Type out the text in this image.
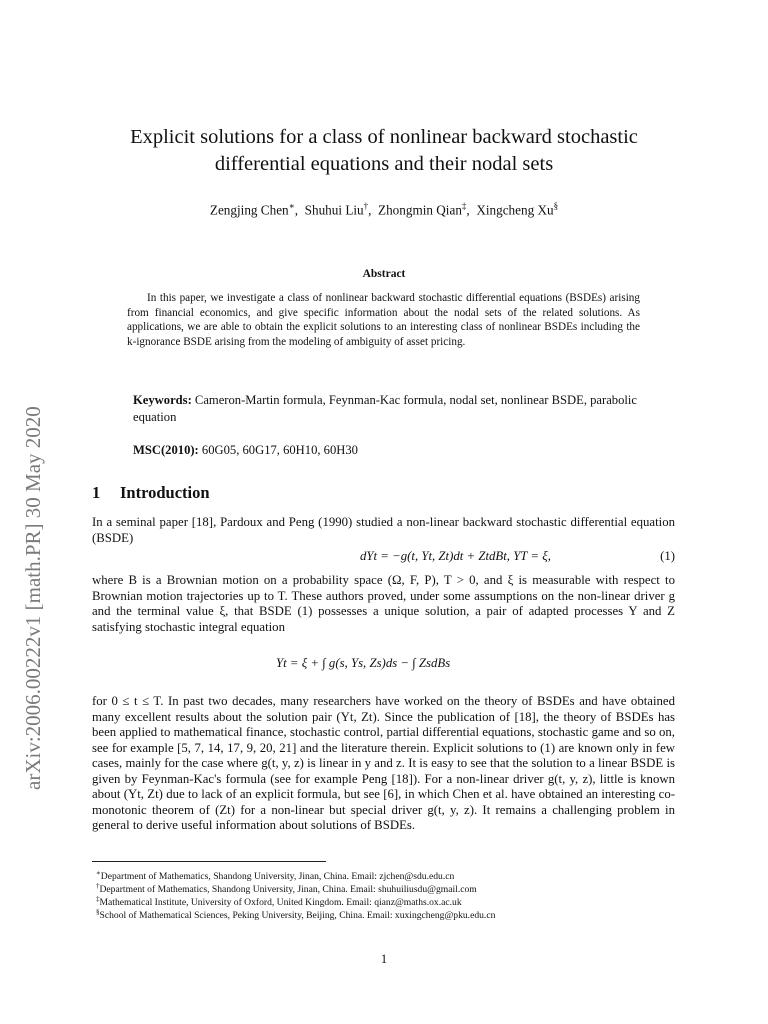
arXiv:2006.00222v1 [math.PR] 30 May 2020
Explicit solutions for a class of nonlinear backward stochastic
differential equations and their nodal sets
Zengjing Chen∗,  Shuhui Liu†,  Zhongmin Qian‡,  Xingcheng Xu§
Abstract
In this paper, we investigate a class of nonlinear backward stochastic differential equations (BSDEs) arising from financial economics, and give specific information about the nodal sets of the related solutions. As applications, we are able to obtain the explicit solutions to an interesting class of nonlinear BSDEs including the k-ignorance BSDE arising from the modeling of ambiguity of asset pricing.
Keywords: Cameron-Martin formula, Feynman-Kac formula, nodal set, nonlinear BSDE, parabolic equation
MSC(2010): 60G05, 60G17, 60H10, 60H30
1 Introduction
In a seminal paper [18], Pardoux and Peng (1990) studied a non-linear backward stochastic differential equation (BSDE)
dYt = −g(t, Yt, Zt)dt + ZtdBt, YT = ξ,	(1)
where B is a Brownian motion on a probability space (Ω, F, P), T > 0, and ξ is measurable with respect to Brownian motion trajectories up to T. These authors proved, under some assumptions on the non-linear driver g and the terminal value ξ, that BSDE (1) possesses a unique solution, a pair of adapted processes Y and Z satisfying stochastic integral equation
Yt = ξ + ∫ g(s, Ys, Zs)ds − ∫ ZsdBs
for 0 ≤ t ≤ T. In past two decades, many researchers have worked on the theory of BSDEs and have obtained many excellent results about the solution pair (Yt, Zt). Since the publication of [18], the theory of BSDEs has been applied to mathematical finance, stochastic control, partial differential equations, stochastic game and so on, see for example [5, 7, 14, 17, 9, 20, 21] and the literature therein. Explicit solutions to (1) are known only in few cases, mainly for the case where g(t, y, z) is linear in y and z. It is easy to see that the solution to a linear BSDE is given by Feynman-Kac's formula (see for example Peng [18]). For a non-linear driver g(t, y, z), little is known about (Yt, Zt) due to lack of an explicit formula, but see [6], in which Chen et al. have obtained an interesting co-monotonic theorem of (Zt) for a non-linear but special driver g(t, y, z). It remains a challenging problem in general to derive useful information about solutions of BSDEs.
∗Department of Mathematics, Shandong University, Jinan, China. Email: zjchen@sdu.edu.cn
†Department of Mathematics, Shandong University, Jinan, China. Email: shuhuiliusdu@gmail.com
‡Mathematical Institute, University of Oxford, United Kingdom. Email: qianz@maths.ox.ac.uk
§School of Mathematical Sciences, Peking University, Beijing, China. Email: xuxingcheng@pku.edu.cn
1
